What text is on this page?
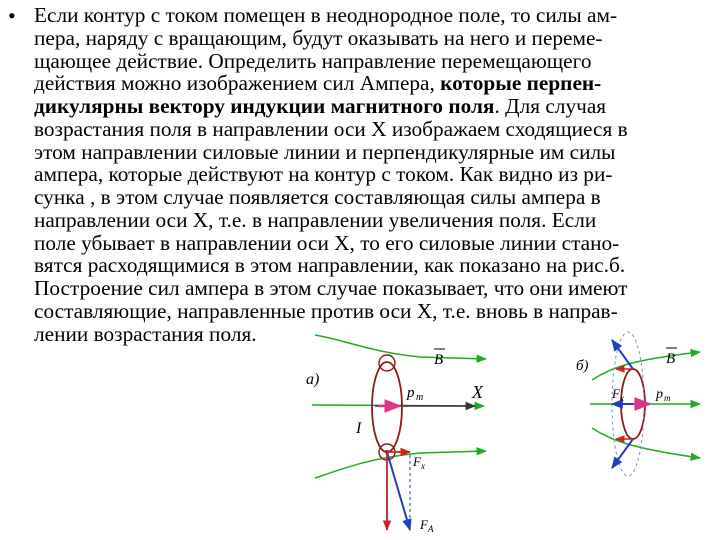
• Если контур с током помещен в неоднородное поле, то силы ам-
пера, наряду с вращающим, будут оказывать на него и переме-
щающее действие. Определить направление перемещающего
действия можно изображением сил Ампера, которые перпен-
дикулярны вектору индукции магнитного поля. Для случая
возрастания поля в направлении оси X изображаем сходящиеся в
этом направлении силовые линии и перпендикулярные им силы
ампера, которые действуют на контур с током. Как видно из ри-
сунка , в этом случае появляется составляющая силы ампера в
направлении оси X, т.е. в направлении увеличения поля. Если
поле убывает в направлении оси X, то его силовые линии стано-
вятся расходящимися в этом направлении, как показано на рис.б.
Построение сил ампера в этом случае показывает, что они имеют
составляющие, направленные против оси X, т.е. вновь в направ-
лении возрастания поля.
а)
B
p m	X
I
F x
F A
б)	B
p m
F x
